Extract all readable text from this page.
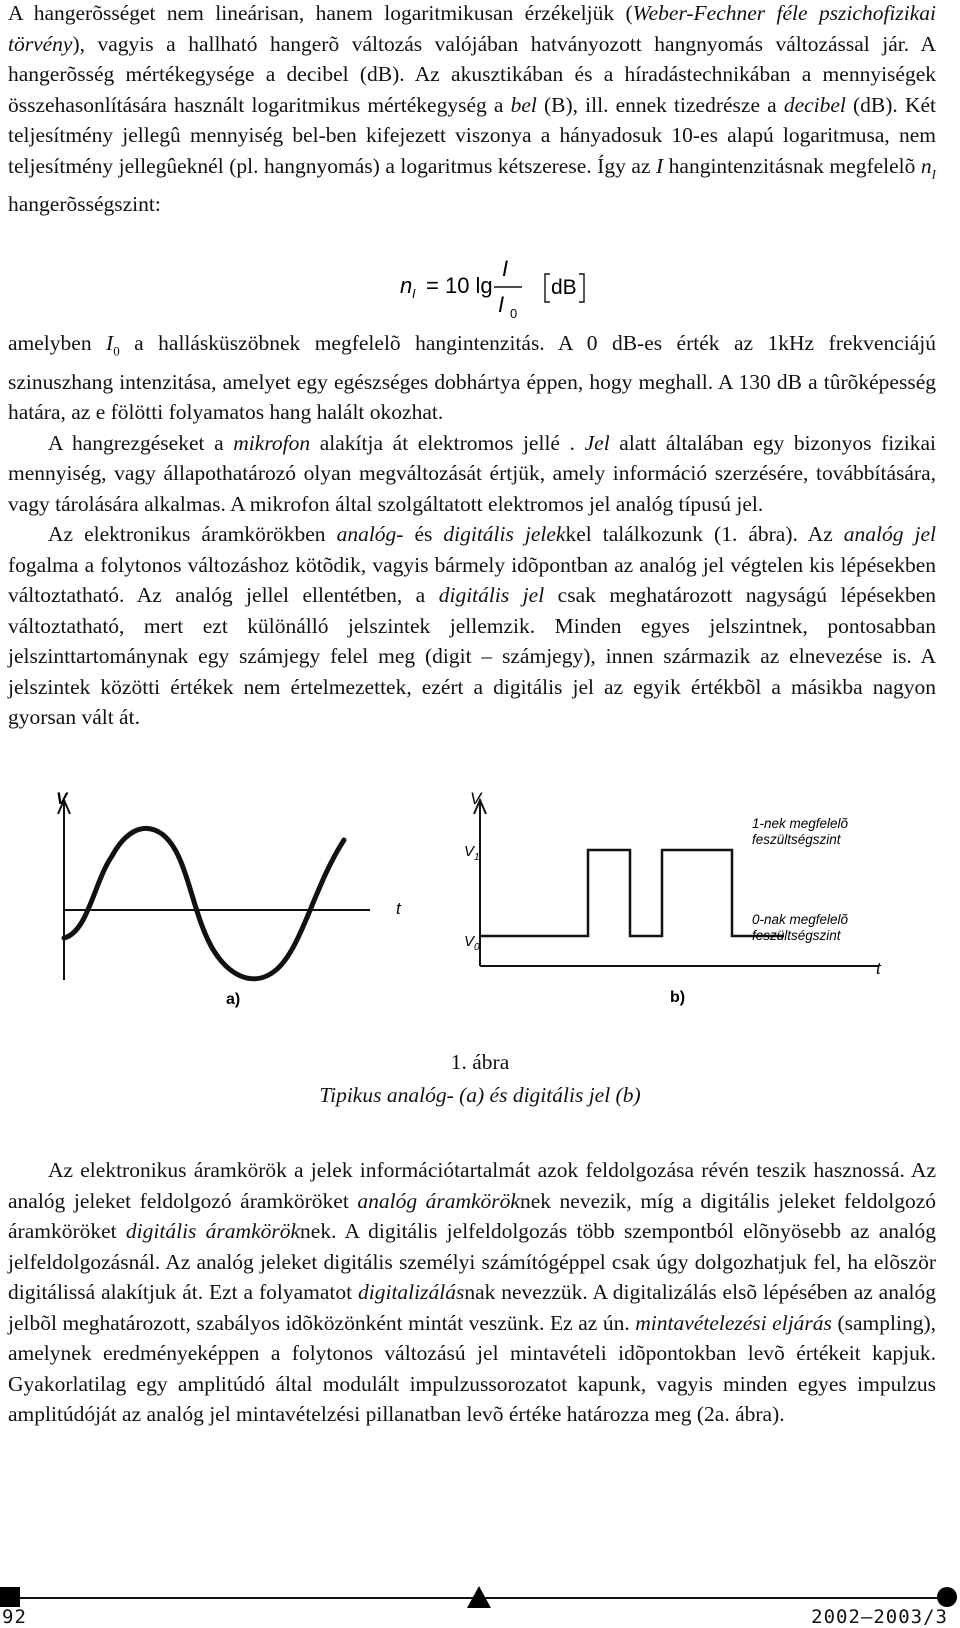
A hangerõsséget nem lineárisan, hanem logaritmikusan érzékeljük (Weber-Fechner féle pszichofizikai törvény), vagyis a hallható hangerõ változás valójában hatványozott hangnyomás változással jár. A hangerõsség mértékegysége a decibel (dB). Az akusztikában és a híradástechnikában a mennyiségek összehasonlítására használt logaritmikus mértékegység a bel (B), ill. ennek tizedrésze a decibel (dB). Két teljesítmény jellegû mennyiség bel-ben kifejezett viszonya a hányadosuk 10-es alapú logaritmusa, nem teljesítmény jellegûeknél (pl. hangnyomás) a logaritmus kétszerese. Így az I hangintenzitásnak megfelelõ $n_I$ hangerõsségszint:

n I = 10 lg
I
I 0
dB

amelyben $I_0$ a hallásküszöbnek megfelelõ hangintenzitás. A 0 dB-es érték az 1kHz frekvenciájú szinuszhang intenzitása, amelyet egy egészséges dobhártya éppen, hogy meghall. A 130 dB a tûrõképesség határa, az e fölötti folyamatos hang halált okozhat.

A hangrezgéseket a mikrofon alakítja át elektromos jellé . Jel alatt általában egy bizonyos fizikai mennyiség, vagy állapothatározó olyan megváltozását értjük, amely információ szerzésére, továbbítására, vagy tárolására alkalmas. A mikrofon által szolgáltatott elektromos jel analóg típusú jel.

Az elektronikus áramkörökben analóg- és digitális jelekkel találkozunk (1. ábra). Az analóg jel fogalma a folytonos változáshoz kötõdik, vagyis bármely idõpontban az analóg jel végtelen kis lépésekben változtatható. Az analóg jellel ellentétben, a digitális jel csak meghatározott nagyságú lépésekben változtatható, mert ezt különálló jelszintek jellemzik. Minden egyes jelszintnek, pontosabban jelszinttartománynak egy számjegy felel meg (digit – számjegy), innen származik az elnevezése is. A jelszintek közötti értékek nem értelmezettek, ezért a digitális jel az egyik értékbõl a másikba nagyon gyorsan vált át.

V
t
a)
V
t
$V_1$
$V_0$
1-nek megfelelõ
feszültségszint
0-nak megfelelõ
feszültségszint
b)
1. ábra
Tipikus analóg- (a) és digitális jel (b)

Az elektronikus áramkörök a jelek információtartalmát azok feldolgozása révén teszik hasznossá. Az analóg jeleket feldolgozó áramköröket analóg áramköröknek nevezik, míg a digitális jeleket feldolgozó áramköröket digitális áramköröknek. A digitális jelfeldolgozás több szempontból elõnyösebb az analóg jelfeldolgozásnál. Az analóg jeleket digitális személyi számítógéppel csak úgy dolgozhatjuk fel, ha elõször digitálissá alakítjuk át. Ezt a folyamatot digitalizálásnak nevezzük. A digitalizálás elsõ lépésében az analóg jelbõl meghatározott, szabályos idõközönként mintát veszünk. Ez az ún. mintavételezési eljárás (sampling), amelynek eredményeképpen a folytonos változású jel mintavételi idõpontokban levõ értékeit kapjuk. Gyakorlatilag egy amplitúdó által modulált impulzussorozatot kapunk, vagyis minden egyes impulzus amplitúdóját az analóg jel mintavételzési pillanatban levõ értéke határozza meg (2a. ábra).

92	2002–2003/3
